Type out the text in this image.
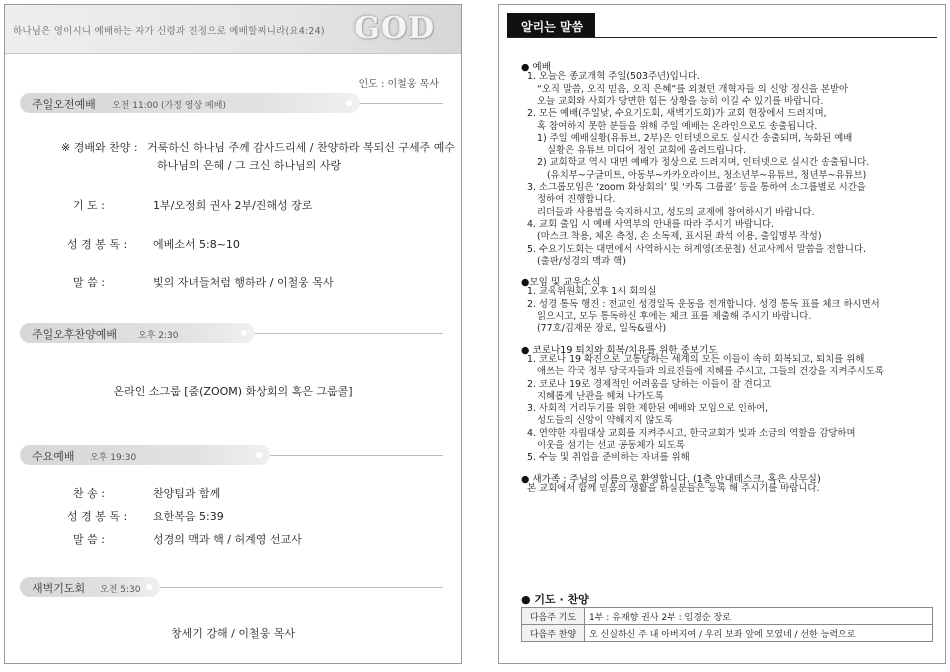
하나님은 영이시니 예배하는 자가 신령과 진정으로 예배할찌니라(요4:24) GOD
인도 : 이철웅 목사
주일오전예배 오전 11:00 (가정 영상 예배)
※ 경배와 찬양 : 거룩하신 하나님 주께 감사드리세 / 찬양하라 복되신 구세주 예수
하나님의 은혜 / 그 크신 하나님의 사랑
기 도 :	1부/오정희 권사 2부/진해성 장로
성 경 봉 독 : 에베소서 5:8~10
말 씀 :	빛의 자녀들처럼 행하라 / 이철웅 목사
주일오후찬양예배 오후 2:30
온라인 소그룹 [줌(ZOOM) 화상회의 혹은 그룹콜]
수요예배 오후 19:30
찬 송 :	찬양팀과 함께
성 경 봉 독 : 요한복음 5:39
말 씀 :	성경의 맥과 핵 / 허계영 선교사
새벽기도회 오전 5:30
창세기 강해 / 이철웅 목사
알리는 말씀
● 예배
1. 오늘은 종교개혁 주일(503주년)입니다.
“오직 말씀, 오직 믿음, 오직 은혜”를 외쳤던 개혁자들 의 신앙 정신을 본받아
오늘 교회와 사회가 당면한 힘든 상황을 능히 이길 수 있기를 바랍니다.
2. 모든 예배(주일낮, 수요기도회, 새벽기도회)가 교회 현장에서 드려지며,
혹 참여하지 못한 분들을 위해 주일 예배는 온라인으로도 송출됩니다.
1) 주일 예배실황(유튜브, 2부)은 인터넷으로도 실시간 송출되며, 녹화된 예배
실황은 유튜브 미디어 정인 교회에 올려드립니다.
2) 교회학교 역시 대면 예배가 정상으로 드려지며, 인터넷으로 실시간 송출됩니다.
(유치부~구글미트, 아동부~카카오라이브, 청소년부~유튜브, 청년부~유튜브)
3. 소그룹모임은 ‘zoom 화상회의’ 및 ‘카톡 그룹콜’ 등을 통하여 소그룹별로 시간을
정하여 진행합니다.
리더들과 사용법을 숙지하시고, 성도의 교제에 참여하시기 바랍니다.
4. 교회 출입 시 예배 사역부의 안내를 따라 주시기 바랍니다.
(마스크 착용, 체온 측정, 손 소독제, 표시된 좌석 이용, 출입명부 작성)
5. 수요기도회는 대면에서 사역하시는 허계영(조문철) 선교사께서 말씀을 전합니다.
(출판/성경의 맥과 핵)
●모임 및 교우소식
1. 교육위원회, 오후 1시 회의실
2. 성경 통독 행진 : 전교인 성경일독 운동을 전개합니다. 성경 통독 표를 체크 하시면서
읽으시고, 모두 통독하신 후에는 체크 표를 제출해 주시기 바랍니다.
(77호/김재문 장로, 일독&필사)
● 코로나19 퇴치와 회복/치유를 위한 중보기도
1. 코로나 19 확진으로 고통당하는 세계의 모든 이들이 속히 회복되고, 퇴치를 위해
애쓰는 각국 정부 당국자들과 의료진들에 지혜를 주시고, 그들의 건강을 지켜주시도록
2. 코로나 19로 경제적인 어려움을 당하는 이들이 잘 견디고
지혜롭게 난관을 헤쳐 나가도록
3. 사회적 거리두기를 위한 제한된 예배와 모임으로 인하여,
성도들의 신앙이 약해지지 않도록
4. 연약한 자립대상 교회를 지켜주시고, 한국교회가 빛과 소금의 역할을 감당하며
이웃을 섬기는 선교 공동체가 되도록
5. 수능 및 취업을 준비하는 자녀를 위해
● 새가족 : 주님의 이름으로 환영합니다. (1층 안내데스크, 혹은 사무실)
본 교회에서 함께 믿음의 생활을 하실분들은 등록 해 주시기를 바랍니다.
● 기도 · 찬양
다음주 기도	1부 : 유재향 권사 2부 : 임경순 장로
다음주 찬양	오 신실하신 주 내 아버지여 / 우리 보좌 앞에 모였네 / 선한 능력으로
